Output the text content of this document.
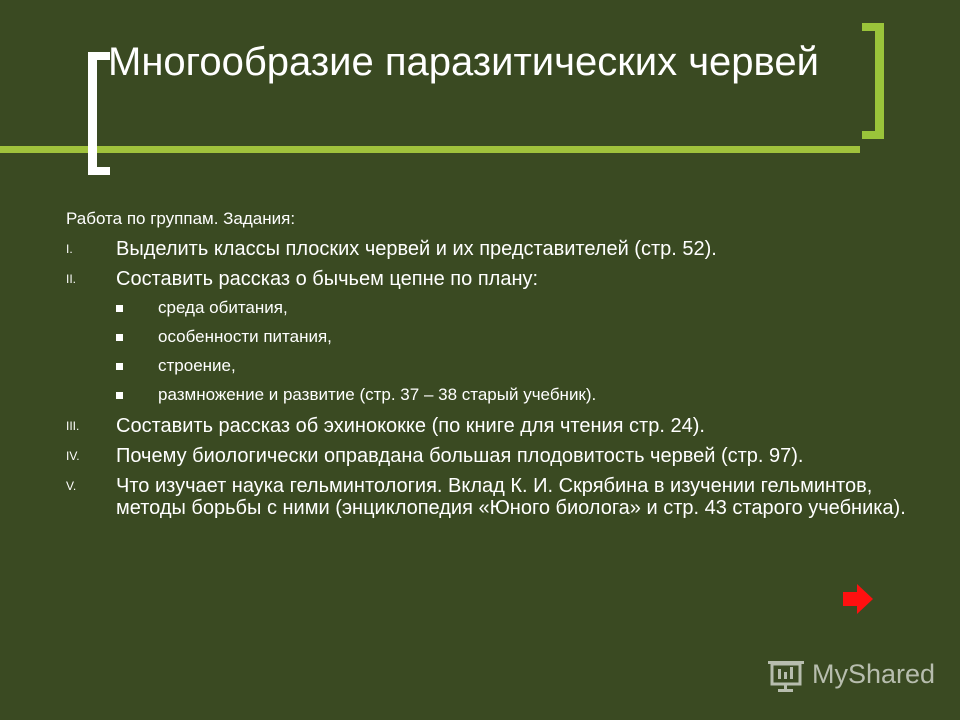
Многообразие паразитических червей
Работа по группам. Задания:
I. Выделить классы плоских червей и их представителей (стр. 52).
II. Составить рассказ о бычьем цепне по плану:
среда обитания,
особенности питания,
строение,
размножение и развитие (стр. 37 – 38 старый учебник).
III. Составить рассказ об эхинококке (по книге для чтения стр. 24).
IV. Почему биологически оправдана большая плодовитость червей (стр. 97).
V. Что изучает наука гельминтология. Вклад К. И. Скрябина в изучении гельминтов, методы борьбы с ними (энциклопедия «Юного биолога» и стр. 43 старого учебника).
MyShared
